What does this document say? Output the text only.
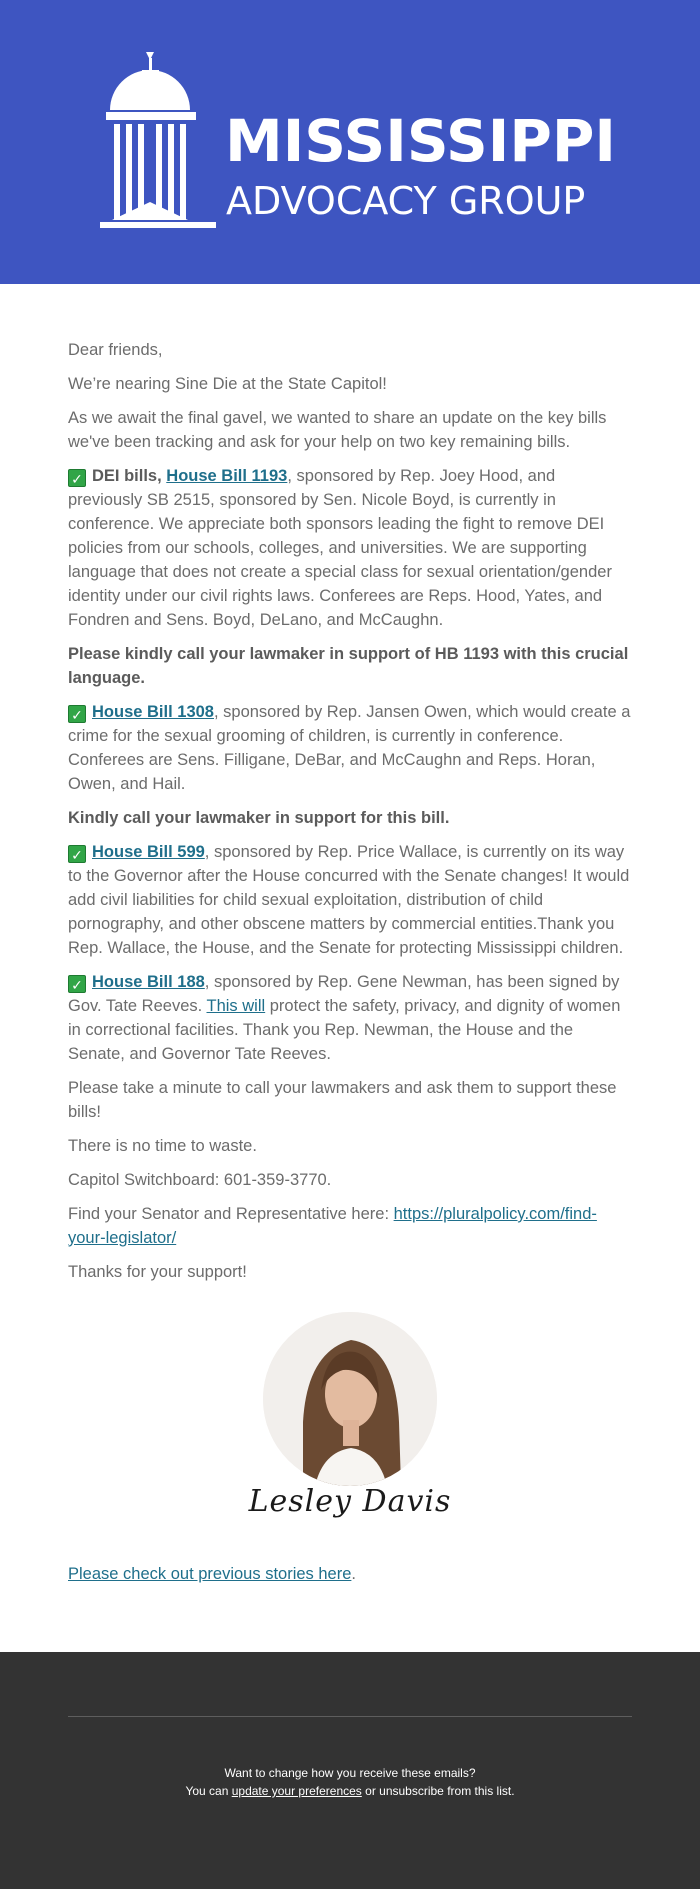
MISSISSIPPI
ADVOCACY GROUP

Dear friends,

We’re nearing Sine Die at the State Capitol!

As we await the final gavel, we wanted to share an update on the key bills we've been tracking and ask for your help on two key remaining bills.

✓ DEI bills, House Bill 1193, sponsored by Rep. Joey Hood, and previously SB 2515, sponsored by Sen. Nicole Boyd, is currently in conference. We appreciate both sponsors leading the fight to remove DEI policies from our schools, colleges, and universities. We are supporting language that does not create a special class for sexual orientation/gender identity under our civil rights laws. Conferees are Reps. Hood, Yates, and Fondren and Sens. Boyd, DeLano, and McCaughn.

Please kindly call your lawmaker in support of HB 1193 with this crucial language.

✓ House Bill 1308, sponsored by Rep. Jansen Owen, which would create a crime for the sexual grooming of children, is currently in conference. Conferees are Sens. Filligane, DeBar, and McCaughn and Reps. Horan, Owen, and Hail.

Kindly call your lawmaker in support for this bill.

✓ House Bill 599, sponsored by Rep. Price Wallace, is currently on its way to the Governor after the House concurred with the Senate changes! It would add civil liabilities for child sexual exploitation, distribution of child pornography, and other obscene matters by commercial entities.Thank you Rep. Wallace, the House, and the Senate for protecting Mississippi children.

✓ House Bill 188, sponsored by Rep. Gene Newman, has been signed by Gov. Tate Reeves. This will protect the safety, privacy, and dignity of women in correctional facilities. Thank you Rep. Newman, the House and the Senate, and Governor Tate Reeves.

Please take a minute to call your lawmakers and ask them to support these bills!

There is no time to waste.

Capitol Switchboard: 601-359-3770.

Find your Senator and Representative here: https://pluralpolicy.com/find-your-legislator/

Thanks for your support!

Lesley Davis
Please check out previous stories here.
Want to change how you receive these emails?
You can update your preferences or unsubscribe from this list.
